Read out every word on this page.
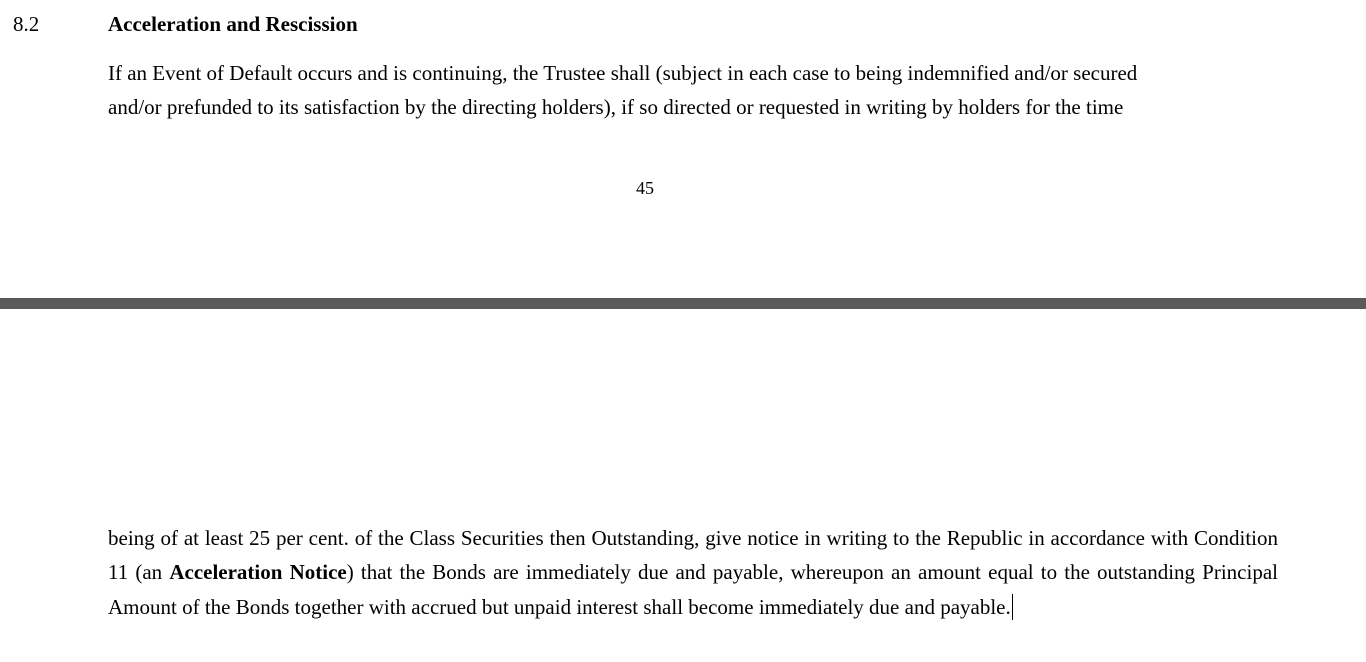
8.2	Acceleration and Rescission
If an Event of Default occurs and is continuing, the Trustee shall (subject in each case to being indemnified and/or secured
and/or prefunded to its satisfaction by the directing holders), if so directed or requested in writing by holders for the time
45
being of at least 25 per cent. of the Class Securities then Outstanding, give notice in writing to the Republic in accordance with Condition 11 (an Acceleration Notice) that the Bonds are immediately due and payable, whereupon an amount equal to the outstanding Principal Amount of the Bonds together with accrued but unpaid interest shall become immediately due and payable.
